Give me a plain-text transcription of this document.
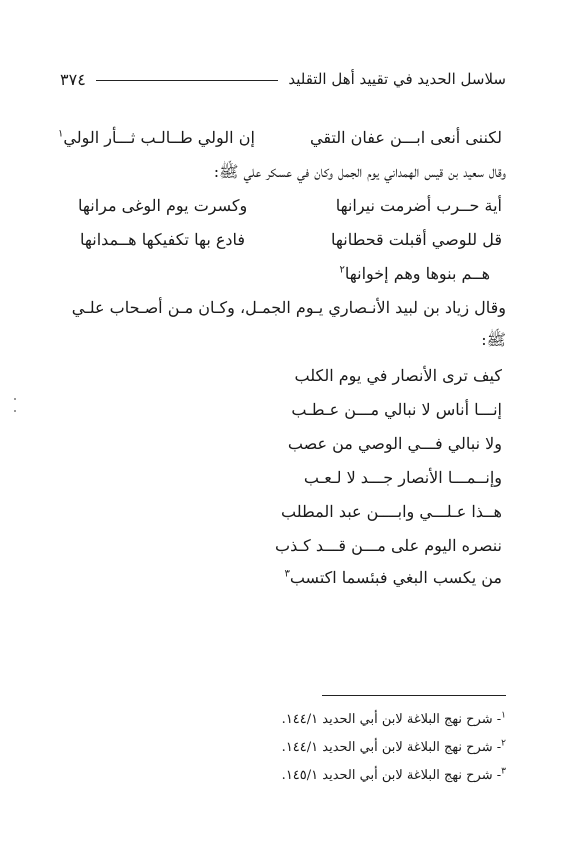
٣٧٤	سلاسل الحديد في تقييد أهل التقليد
لكننى أنعى ابـــن عفان التقي
إن الولي طــالـب ثـــأر الولي$^١$
وقال سعيد بن قيس الهمداني يوم الجمل وكان في عسكر علي ﷺ:
أية حــرب أضرمت نيرانها
وكسرت يوم الوغى مرانها
قل للوصي أقبلت قحطانها
فادع بها تكفيكها هــمدانها
هــم بنوها وهم إخوانها$^٢$
وقال زياد بن لبيد الأنـصاري يـوم الجمـل، وكـان مـن أصـحاب علـي
ﷺ:
كيف ترى الأنصار في يوم الكلب
إنـــا أناس لا نبالي مـــن عـطـب
ولا نبالي فـــي الوصي من عصب
وإنــمـــا الأنصار جـــد لا لـعـب
هــذا عـلـــي وابــــن عبد المطلب
ننصره اليوم على مـــن قـــد كـذب
من يكسب البغي فبئسما اكتسب$^٣$
$^١$- شرح نهج البلاغة لابن أبي الحديد ١٤٤/١.
$^٢$- شرح نهج البلاغة لابن أبي الحديد ١٤٤/١.
$^٣$- شرح نهج البلاغة لابن أبي الحديد ١٤٥/١.
